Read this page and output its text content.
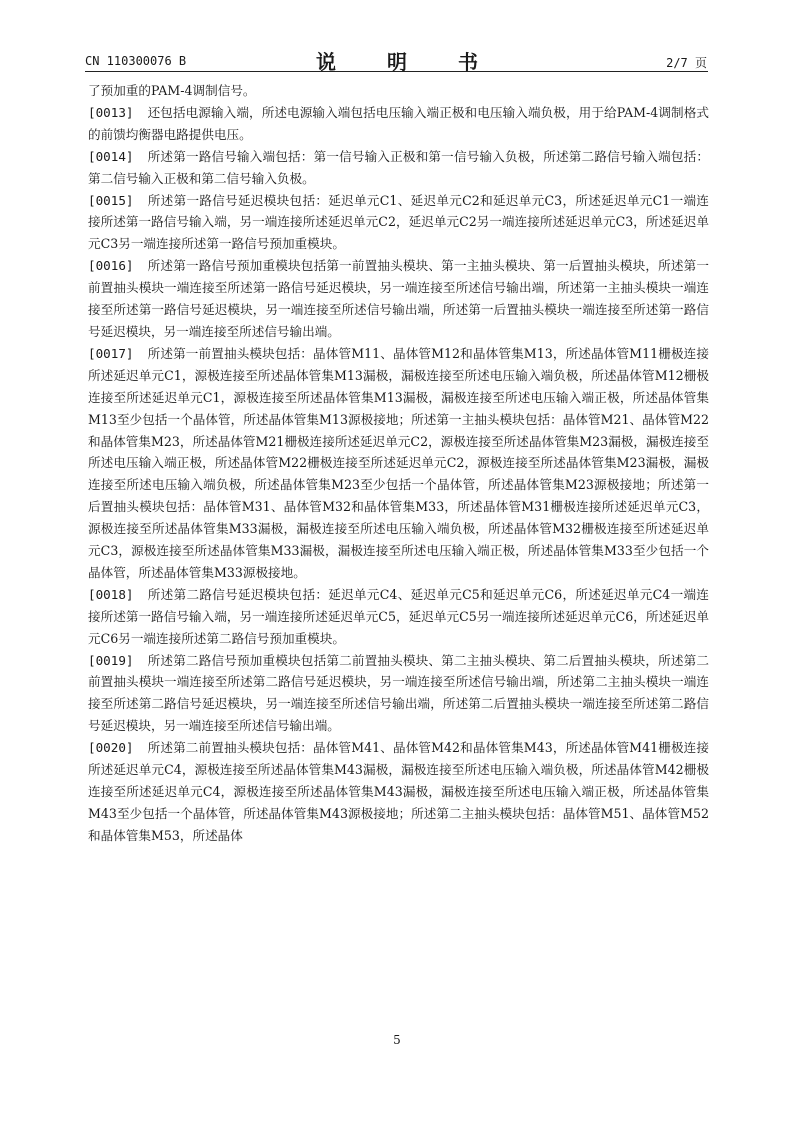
CN 110300076 B	说 明 书	2/7 页

了预加重的PAM-4调制信号。

[0013] 还包括电源输入端，所述电源输入端包括电压输入端正极和电压输入端负极，用于给PAM-4调制格式的前馈均衡器电路提供电压。

[0014] 所述第一路信号输入端包括：第一信号输入正极和第一信号输入负极，所述第二路信号输入端包括：第二信号输入正极和第二信号输入负极。

[0015] 所述第一路信号延迟模块包括：延迟单元C1、延迟单元C2和延迟单元C3，所述延迟单元C1一端连接所述第一路信号输入端，另一端连接所述延迟单元C2，延迟单元C2另一端连接所述延迟单元C3，所述延迟单元C3另一端连接所述第一路信号预加重模块。

[0016] 所述第一路信号预加重模块包括第一前置抽头模块、第一主抽头模块、第一后置抽头模块，所述第一前置抽头模块一端连接至所述第一路信号延迟模块，另一端连接至所述信号输出端，所述第一主抽头模块一端连接至所述第一路信号延迟模块，另一端连接至所述信号输出端，所述第一后置抽头模块一端连接至所述第一路信号延迟模块，另一端连接至所述信号输出端。

[0017] 所述第一前置抽头模块包括：晶体管M11、晶体管M12和晶体管集M13，所述晶体管M11栅极连接所述延迟单元C1，源极连接至所述晶体管集M13漏极，漏极连接至所述电压输入端负极，所述晶体管M12栅极连接至所述延迟单元C1，源极连接至所述晶体管集M13漏极，漏极连接至所述电压输入端正极，所述晶体管集M13至少包括一个晶体管，所述晶体管集M13源极接地；所述第一主抽头模块包括：晶体管M21、晶体管M22和晶体管集M23，所述晶体管M21栅极连接所述延迟单元C2，源极连接至所述晶体管集M23漏极，漏极连接至所述电压输入端正极，所述晶体管M22栅极连接至所述延迟单元C2，源极连接至所述晶体管集M23漏极，漏极连接至所述电压输入端负极，所述晶体管集M23至少包括一个晶体管，所述晶体管集M23源极接地；所述第一后置抽头模块包括：晶体管M31、晶体管M32和晶体管集M33，所述晶体管M31栅极连接所述延迟单元C3，源极连接至所述晶体管集M33漏极，漏极连接至所述电压输入端负极，所述晶体管M32栅极连接至所述延迟单元C3，源极连接至所述晶体管集M33漏极，漏极连接至所述电压输入端正极，所述晶体管集M33至少包括一个晶体管，所述晶体管集M33源极接地。

[0018] 所述第二路信号延迟模块包括：延迟单元C4、延迟单元C5和延迟单元C6，所述延迟单元C4一端连接所述第一路信号输入端，另一端连接所述延迟单元C5，延迟单元C5另一端连接所述延迟单元C6，所述延迟单元C6另一端连接所述第二路信号预加重模块。

[0019] 所述第二路信号预加重模块包括第二前置抽头模块、第二主抽头模块、第二后置抽头模块，所述第二前置抽头模块一端连接至所述第二路信号延迟模块，另一端连接至所述信号输出端，所述第二主抽头模块一端连接至所述第二路信号延迟模块，另一端连接至所述信号输出端，所述第二后置抽头模块一端连接至所述第二路信号延迟模块，另一端连接至所述信号输出端。

[0020] 所述第二前置抽头模块包括：晶体管M41、晶体管M42和晶体管集M43，所述晶体管M41栅极连接所述延迟单元C4，源极连接至所述晶体管集M43漏极，漏极连接至所述电压输入端负极，所述晶体管M42栅极连接至所述延迟单元C4，源极连接至所述晶体管集M43漏极，漏极连接至所述电压输入端正极，所述晶体管集M43至少包括一个晶体管，所述晶体管集M43源极接地；所述第二主抽头模块包括：晶体管M51、晶体管M52和晶体管集M53，所述晶体

5
